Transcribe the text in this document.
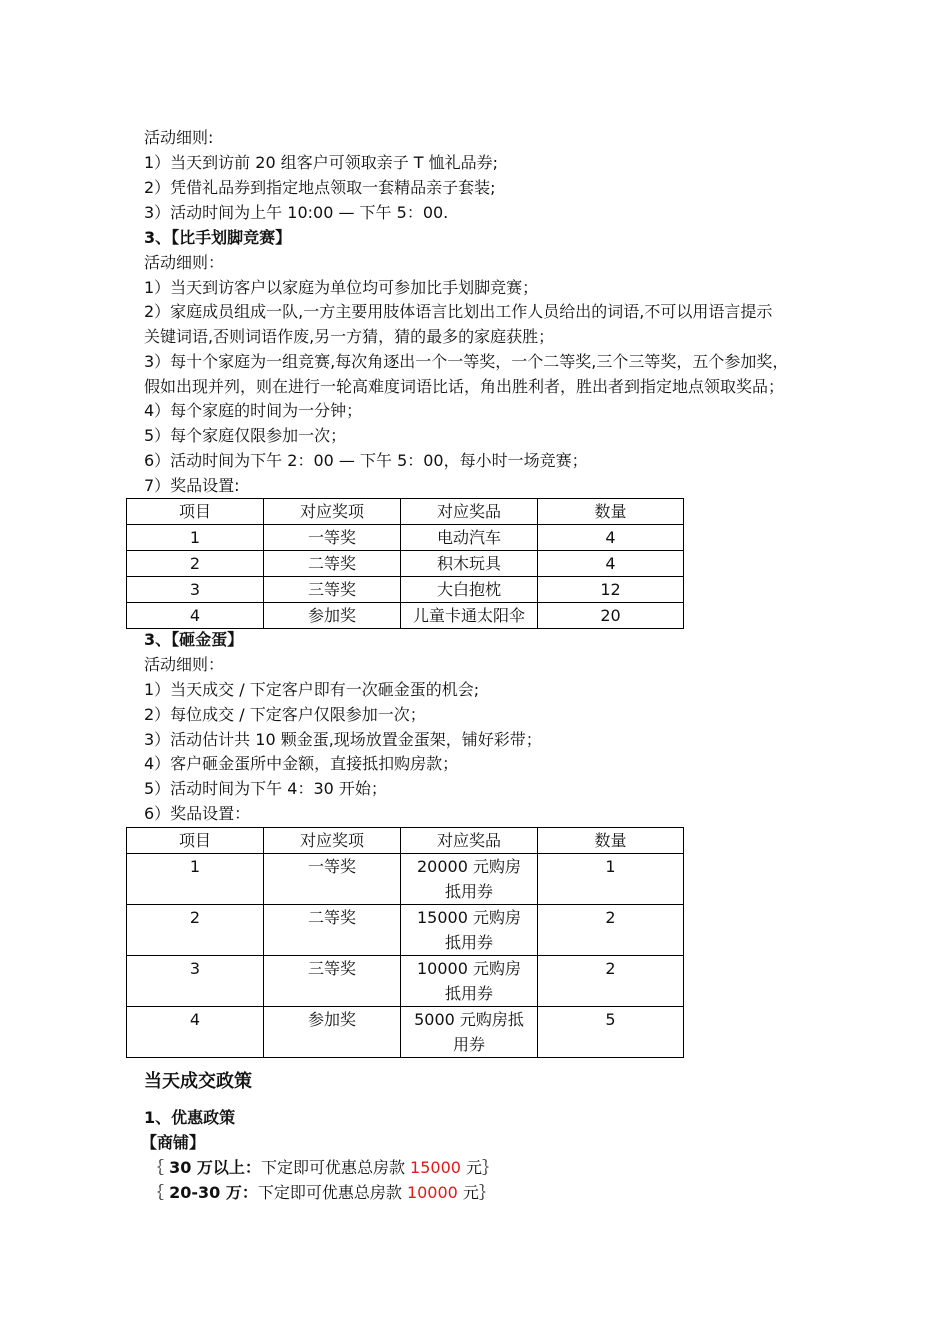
活动细则:
1）当天到访前 20 组客户可领取亲子 T 恤礼品券;
2）凭借礼品券到指定地点领取一套精品亲子套装;
3）活动时间为上午 10:00 — 下午 5：00.
3、【比手划脚竞赛】
活动细则：
1）当天到访客户以家庭为单位均可参加比手划脚竞赛；
2）家庭成员组成一队,一方主要用肢体语言比划出工作人员给出的词语,不可以用语言提示
关键词语,否则词语作废,另一方猜，猜的最多的家庭获胜；
3）每十个家庭为一组竞赛,每次角逐出一个一等奖，一个二等奖,三个三等奖，五个参加奖，
假如出现并列，则在进行一轮高难度词语比话，角出胜利者，胜出者到指定地点领取奖品；
4）每个家庭的时间为一分钟；
5）每个家庭仅限参加一次；
6）活动时间为下午 2：00 — 下午 5：00，每小时一场竞赛；
7）奖品设置:
项目	对应奖项	对应奖品	数量
1	一等奖	电动汽车	4
2	二等奖	积木玩具	4
3	三等奖	大白抱枕	12
4	参加奖	儿童卡通太阳伞	20
3、【砸金蛋】
活动细则：
1）当天成交 / 下定客户即有一次砸金蛋的机会;
2）每位成交 / 下定客户仅限参加一次；
3）活动估计共 10 颗金蛋,现场放置金蛋架，铺好彩带；
4）客户砸金蛋所中金额，直接抵扣购房款；
5）活动时间为下午 4：30 开始；
6）奖品设置：
项目	对应奖项	对应奖品	数量
1	一等奖	20000 元购房
抵用券	1
2	二等奖	15000 元购房
抵用券	2
3	三等奖	10000 元购房
抵用券	2
4	参加奖	5000 元购房抵
用券	5
当天成交政策
1、优惠政策
【商铺】
｛ 30 万以上：下定即可优惠总房款 15000 元｝
｛ 20-30 万：下定即可优惠总房款 10000 元｝
